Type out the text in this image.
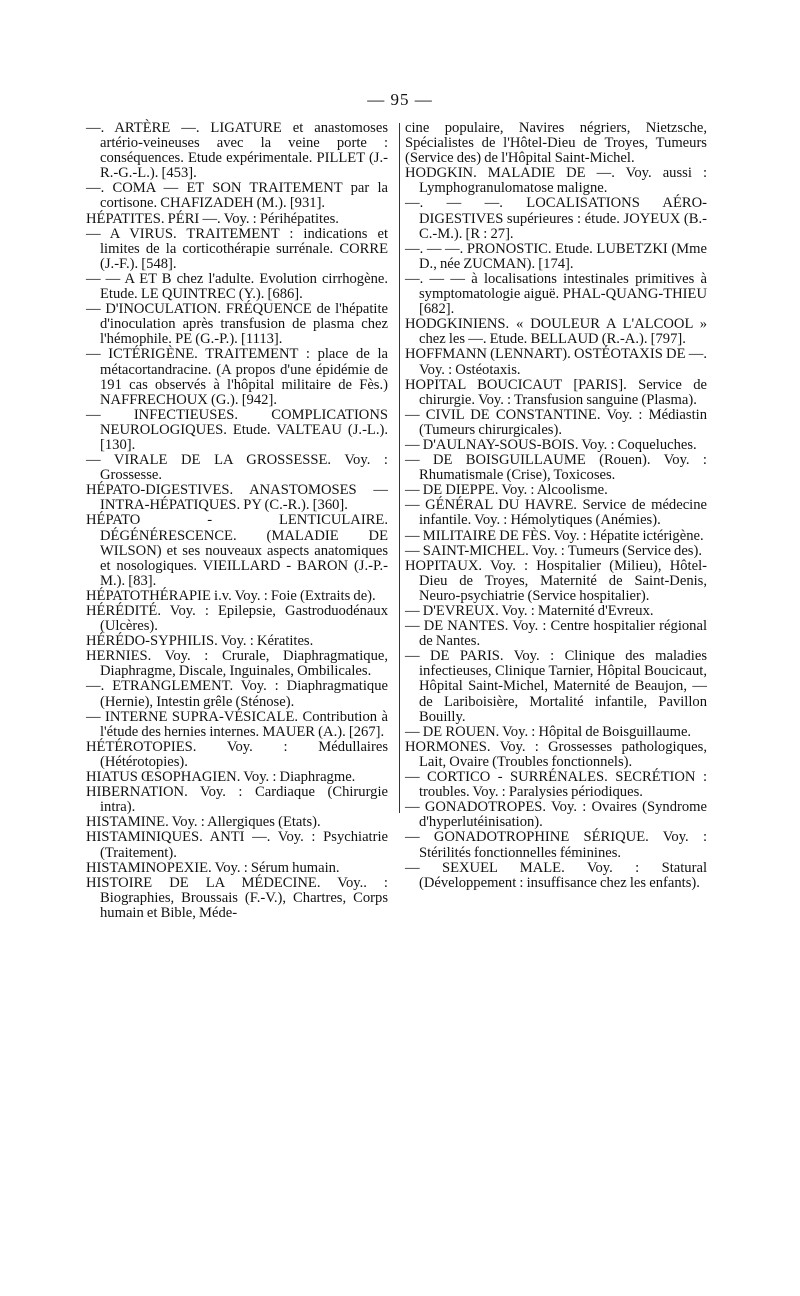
— 95 —

—. ARTÈRE —. LIGATURE et anastomoses artério-veineuses avec la veine porte : conséquences. Etude expérimentale. PILLET (J.-R.-G.-L.). [453].

—. COMA — ET SON TRAITEMENT par la cortisone. CHAFIZADEH (M.). [931].

HÉPATITES. PÉRI —. Voy. : Périhépatites.

— A VIRUS. TRAITEMENT : indications et limites de la corticothérapie surrénale. CORRE (J.-F.). [548].

— — A ET B chez l'adulte. Evolution cirrhogène. Etude. LE QUINTREC (Y.). [686].

— D'INOCULATION. FRÉQUENCE de l'hépatite d'inoculation après transfusion de plasma chez l'hémophile. PE (G.-P.). [1113].

— ICTÉRIGÈNE. TRAITEMENT : place de la métacortandracine. (A propos d'une épidémie de 191 cas observés à l'hôpital militaire de Fès.) NAFFRECHOUX (G.). [942].

— INFECTIEUSES. COMPLICATIONS NEUROLOGIQUES. Etude. VALTEAU (J.-L.). [130].

— VIRALE DE LA GROSSESSE. Voy. : Grossesse.

HÉPATO-DIGESTIVES. ANASTOMOSES — INTRA-HÉPATIQUES. PY (C.-R.). [360].

HÉPATO - LENTICULAIRE. DÉGÉNÉRESCENCE. (MALADIE DE WILSON) et ses nouveaux aspects anatomiques et nosologiques. VIEILLARD - BARON (J.-P.-M.). [83].

HÉPATOTHÉRAPIE i.v. Voy. : Foie (Extraits de).

HÉRÉDITÉ. Voy. : Epilepsie, Gastroduodénaux (Ulcères).

HÉRÉDO-SYPHILIS. Voy. : Kératites.

HERNIES. Voy. : Crurale, Diaphragmatique, Diaphragme, Discale, Inguinales, Ombilicales.

—. ETRANGLEMENT. Voy. : Diaphragmatique (Hernie), Intestin grêle (Sténose).

— INTERNE SUPRA-VÉSICALE. Contribution à l'étude des hernies internes. MAUER (A.). [267].

HÉTÉROTOPIES. Voy. : Médullaires (Hétérotopies).

HIATUS ŒSOPHAGIEN. Voy. : Diaphragme.

HIBERNATION. Voy. : Cardiaque (Chirurgie intra).

HISTAMINE. Voy. : Allergiques (Etats).

HISTAMINIQUES. ANTI —. Voy. : Psychiatrie (Traitement).

HISTAMINOPEXIE. Voy. : Sérum humain.

HISTOIRE DE LA MÉDECINE. Voy.. : Biographies, Broussais (F.-V.), Chartres, Corps humain et Bible, Méde-

cine populaire, Navires négriers, Nietzsche, Spécialistes de l'Hôtel-Dieu de Troyes, Tumeurs (Service des) de l'Hôpital Saint-Michel.

HODGKIN. MALADIE DE —. Voy. aussi : Lymphogranulomatose maligne.

—. — —. LOCALISATIONS AÉRO-DIGESTIVES supérieures : étude. JOYEUX (B.-C.-M.). [R : 27].

—. — —. PRONOSTIC. Etude. LUBETZKI (Mme D., née ZUCMAN). [174].

—. — — à localisations intestinales primitives à symptomatologie aiguë. PHAL-QUANG-THIEU [682].

HODGKINIENS. « DOULEUR A L'ALCOOL » chez les —. Etude. BELLAUD (R.-A.). [797].

HOFFMANN (LENNART). OSTÉOTAXIS DE —. Voy. : Ostéotaxis.

HOPITAL BOUCICAUT [PARIS]. Service de chirurgie. Voy. : Transfusion sanguine (Plasma).

— CIVIL DE CONSTANTINE. Voy. : Médiastin (Tumeurs chirurgicales).

— D'AULNAY-SOUS-BOIS. Voy. : Coqueluches.

— DE BOISGUILLAUME (Rouen). Voy. : Rhumatismale (Crise), Toxicoses.

— DE DIEPPE. Voy. : Alcoolisme.

— GÉNÉRAL DU HAVRE. Service de médecine infantile. Voy. : Hémolytiques (Anémies).

— MILITAIRE DE FÈS. Voy. : Hépatite ictérigène.

— SAINT-MICHEL. Voy. : Tumeurs (Service des).

HOPITAUX. Voy. : Hospitalier (Milieu), Hôtel-Dieu de Troyes, Maternité de Saint-Denis, Neuro-psychiatrie (Service hospitalier).

— D'EVREUX. Voy. : Maternité d'Evreux.

— DE NANTES. Voy. : Centre hospitalier régional de Nantes.

— DE PARIS. Voy. : Clinique des maladies infectieuses, Clinique Tarnier, Hôpital Boucicaut, Hôpital Saint-Michel, Maternité de Beaujon, — de Lariboisière, Mortalité infantile, Pavillon Bouilly.

— DE ROUEN. Voy. : Hôpital de Boisguillaume.

HORMONES. Voy. : Grossesses pathologiques, Lait, Ovaire (Troubles fonctionnels).

— CORTICO - SURRÉNALES. SECRÉTION : troubles. Voy. : Paralysies périodiques.

— GONADOTROPES. Voy. : Ovaires (Syndrome d'hyperlutéinisation).

— GONADOTROPHINE SÉRIQUE. Voy. : Stérilités fonctionnelles féminines.

— SEXUEL MALE. Voy. : Statural (Développement : insuffisance chez les enfants).
